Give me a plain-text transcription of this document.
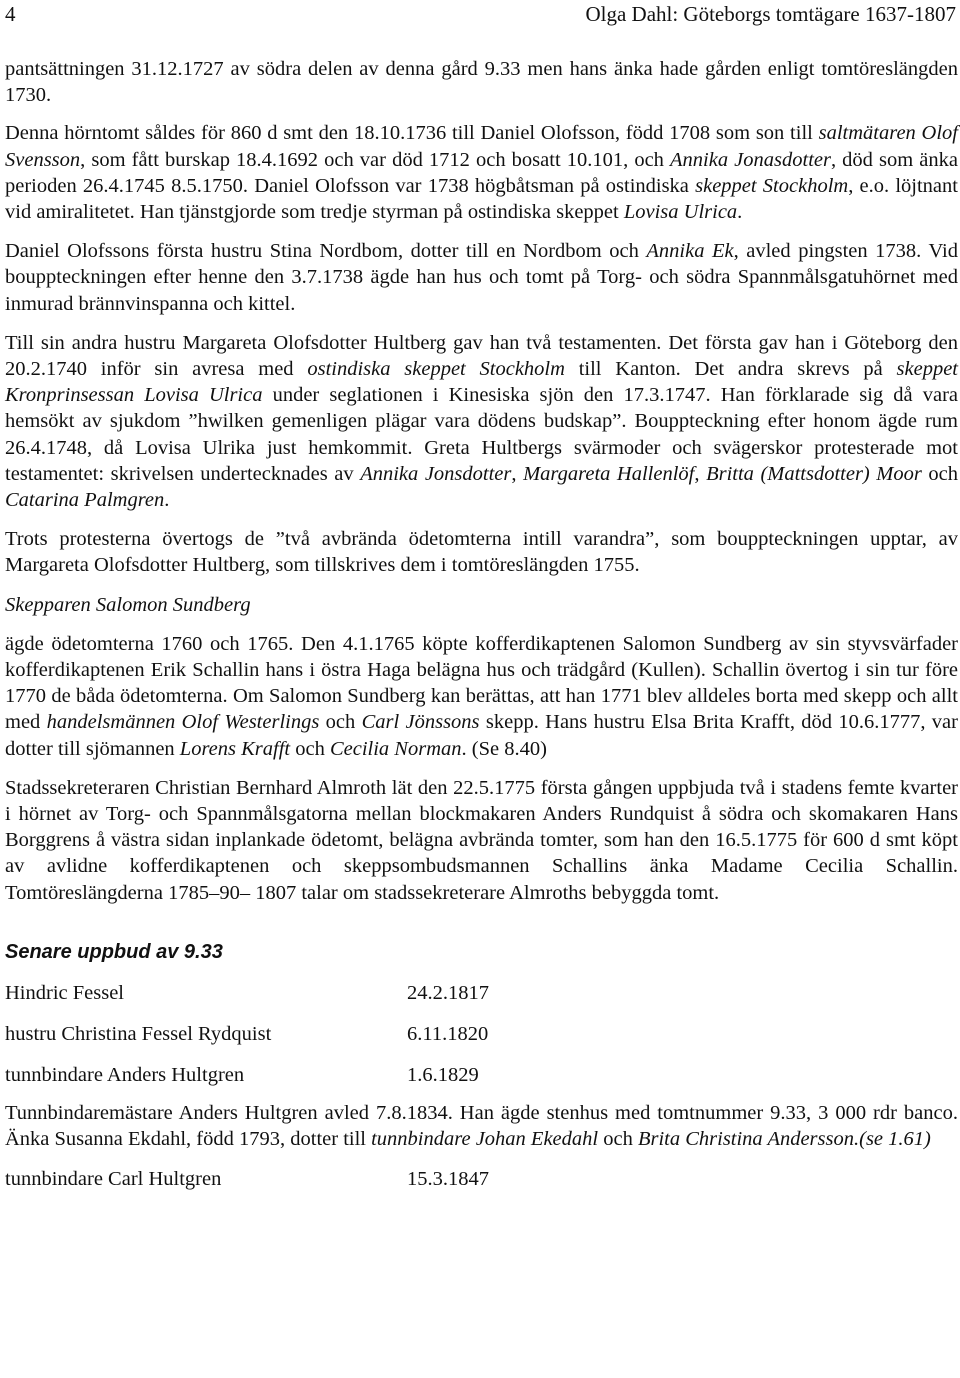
4	Olga Dahl: Göteborgs tomtägare 1637-1807

pantsättningen 31.12.1727 av södra delen av denna gård 9.33 men hans änka hade gården enligt tomtöreslängden 1730.

Denna hörntomt såldes för 860 d smt den 18.10.1736 till Daniel Olofsson, född 1708 som son till saltmätaren Olof Svensson, som fått burskap 18.4.1692 och var död 1712 och bosatt 10.101, och Annika Jonasdotter, död som änka perioden 26.4.1745 8.5.1750. Daniel Olofsson var 1738 högbåtsman på ostindiska skeppet Stockholm, e.o. löjtnant vid amiralitetet. Han tjänstgjorde som tredje styrman på ostindiska skeppet Lovisa Ulrica.

Daniel Olofssons första hustru Stina Nordbom, dotter till en Nordbom och Annika Ek, avled pingsten 1738. Vid bouppteckningen efter henne den 3.7.1738 ägde han hus och tomt på Torg- och södra Spannmålsgatuhörnet med inmurad brännvinspanna och kittel.

Till sin andra hustru Margareta Olofsdotter Hultberg gav han två testamenten. Det första gav han i Göteborg den 20.2.1740 inför sin avresa med ostindiska skeppet Stockholm till Kanton. Det andra skrevs på skeppet Kronprinsessan Lovisa Ulrica under seglationen i Kinesiska sjön den 17.3.1747. Han förklarade sig då vara hemsökt av sjukdom ”hwilken gemenligen plägar vara dödens budskap”. Bouppteckning efter honom ägde rum 26.4.1748, då Lovisa Ulrika just hemkommit. Greta Hultbergs svärmoder och svägerskor protesterade mot testamentet: skrivelsen undertecknades av Annika Jonsdotter, Margareta Hallenlöf, Britta (Mattsdotter) Moor och Catarina Palmgren.

Trots protesterna övertogs de ”två avbrända ödetomterna intill varandra”, som bouppteckningen upptar, av Margareta Olofsdotter Hultberg, som tillskrives dem i tomtöreslängden 1755.

Skepparen Salomon Sundberg

ägde ödetomterna 1760 och 1765. Den 4.1.1765 köpte kofferdikaptenen Salomon Sundberg av sin styvsvärfader kofferdikaptenen Erik Schallin hans i östra Haga belägna hus och trädgård (Kullen). Schallin övertog i sin tur före 1770 de båda ödetomterna. Om Salomon Sundberg kan berättas, att han 1771 blev alldeles borta med skepp och allt med handelsmännen Olof Westerlings och Carl Jönssons skepp. Hans hustru Elsa Brita Krafft, död 10.6.1777, var dotter till sjömannen Lorens Krafft och Cecilia Norman. (Se 8.40)

Stadssekreteraren Christian Bernhard Almroth lät den 22.5.1775 första gången uppbjuda två i stadens femte kvarter i hörnet av Torg- och Spannmålsgatorna mellan blockmakaren Anders Rundquist å södra och skomakaren Hans Borggrens å västra sidan inplankade ödetomt, belägna avbrända tomter, som han den 16.5.1775 för 600 d smt köpt av avlidne kofferdikaptenen och skeppsombudsmannen Schallins änka Madame Cecilia Schallin. Tomtöreslängderna 1785–90– 1807 talar om stadssekreterare Almroths bebyggda tomt.

Senare uppbud av 9.33
Hindric Fessel	24.2.1817
hustru Christina Fessel Rydquist	6.11.1820
tunnbindare Anders Hultgren	1.6.1829

Tunnbindaremästare Anders Hultgren avled 7.8.1834. Han ägde stenhus med tomtnummer 9.33, 3 000 rdr banco. Änka Susanna Ekdahl, född 1793, dotter till tunnbindare Johan Ekedahl och Brita Christina Andersson.(se 1.61)

tunnbindare Carl Hultgren	15.3.1847
